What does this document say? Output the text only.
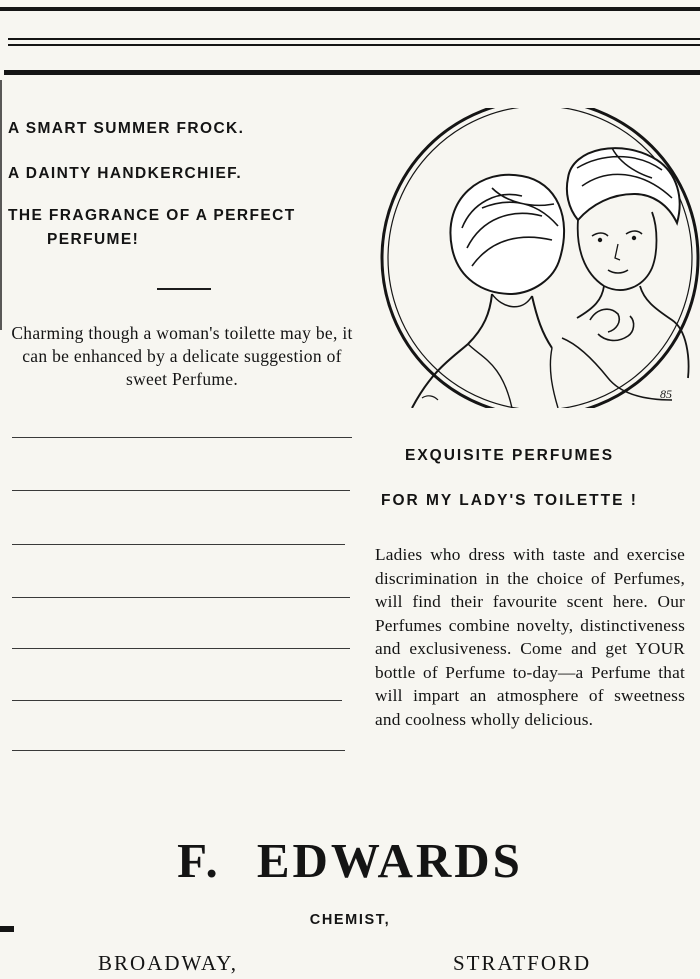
A SMART SUMMER FROCK.
A DAINTY HANDKERCHIEF.
THE FRAGRANCE OF A PERFECT
PERFUME!
Charming though a woman's toilette may be, it can be enhanced by a delicate suggestion of sweet Perfume.
85
EXQUISITE PERFUMES
FOR MY LADY'S TOILETTE !
Ladies who dress with taste and exercise discrimination in the choice of Perfumes, will find their favourite scent here. Our Perfumes combine novelty, distinctiveness and exclusiveness. Come and get YOUR bottle of Perfume to-day—a Perfume that will impart an atmosphere of sweetness and coolness wholly delicious.
F. EDWARDS
CHEMIST,
BROADWAY,	STRATFORD
